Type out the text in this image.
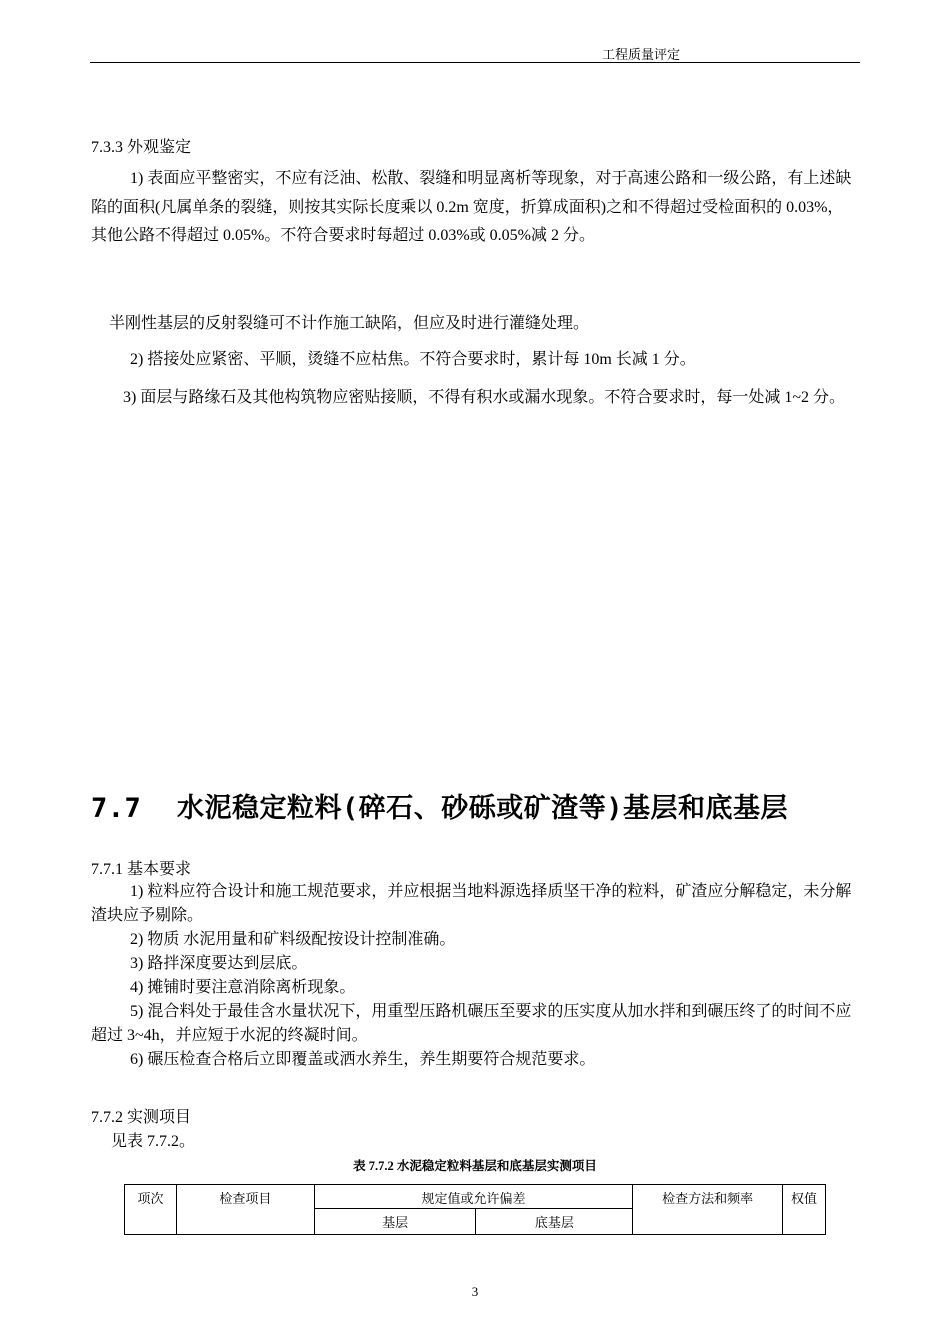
工程质量评定
7.3.3 外观鉴定
1) 表面应平整密实，不应有泛油、松散、裂缝和明显离析等现象，对于高速公路和一级公路，有上述缺陷的面积(凡属单条的裂缝，则按其实际长度乘以 0.2m 宽度，折算成面积)之和不得超过受检面积的 0.03%，其他公路不得超过 0.05%。不符合要求时每超过 0.03%或 0.05%减 2 分。
半刚性基层的反射裂缝可不计作施工缺陷，但应及时进行灌缝处理。
2) 搭接处应紧密、平顺，烫缝不应枯焦。不符合要求时，累计每 10m 长减 1 分。
3) 面层与路缘石及其他构筑物应密贴接顺，不得有积水或漏水现象。不符合要求时，每一处减 1~2 分。
7.7 水泥稳定粒料(碎石、砂砾或矿渣等)基层和底基层
7.7.1 基本要求
1) 粒料应符合设计和施工规范要求，并应根据当地料源选择质坚干净的粒料，矿渣应分解稳定，未分解渣块应予剔除。
2) 物质 水泥用量和矿料级配按设计控制准确。
3) 路拌深度要达到层底。
4) 摊铺时要注意消除离析现象。
5) 混合料处于最佳含水量状况下，用重型压路机碾压至要求的压实度从加水拌和到碾压终了的时间不应超过 3~4h，并应短于水泥的终凝时间。
6) 碾压检查合格后立即覆盖或洒水养生，养生期要符合规范要求。
7.7.2 实测项目
见表 7.7.2。
表 7.7.2 水泥稳定粒料基层和底基层实测项目
项次	检查项目	规定值或允许偏差		检查方法和频率	权值
		基层	底基层		
3
